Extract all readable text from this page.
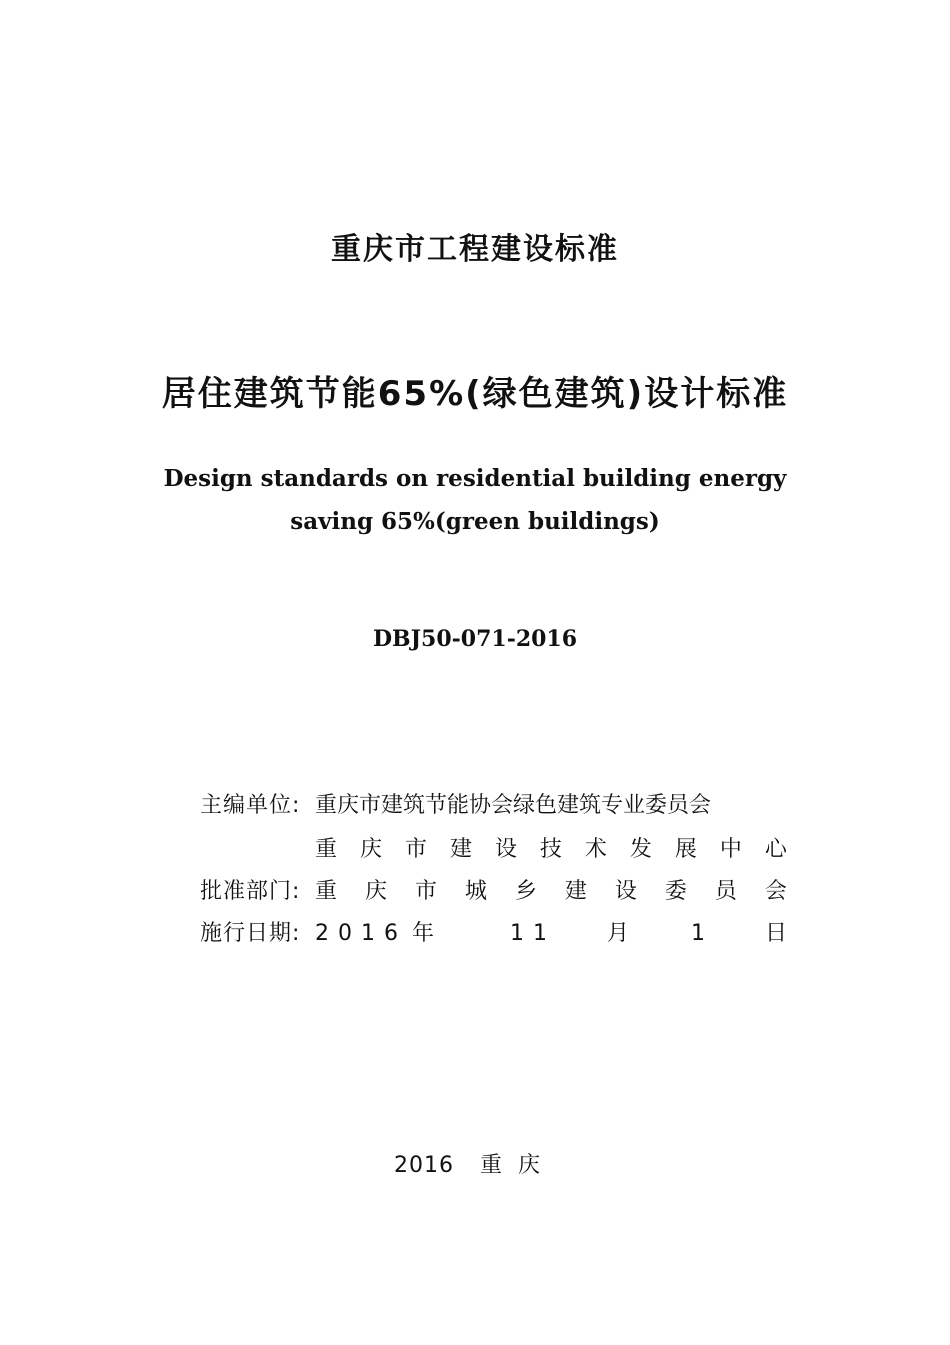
重庆市工程建设标准
居住建筑节能65%(绿色建筑)设计标准
Design standards on residential building energy
saving 65%(green buildings)
DBJ50-071-2016
主编单位: 重庆市建筑节能协会绿色建筑专业委员会
重 庆 市 建 设 技 术 发 展 中 心
批准部门: 重 庆 市 城 乡 建 设 委 员 会
施行日期: 2 0 1 6 年	1 1	月	1	日
2016 重庆
